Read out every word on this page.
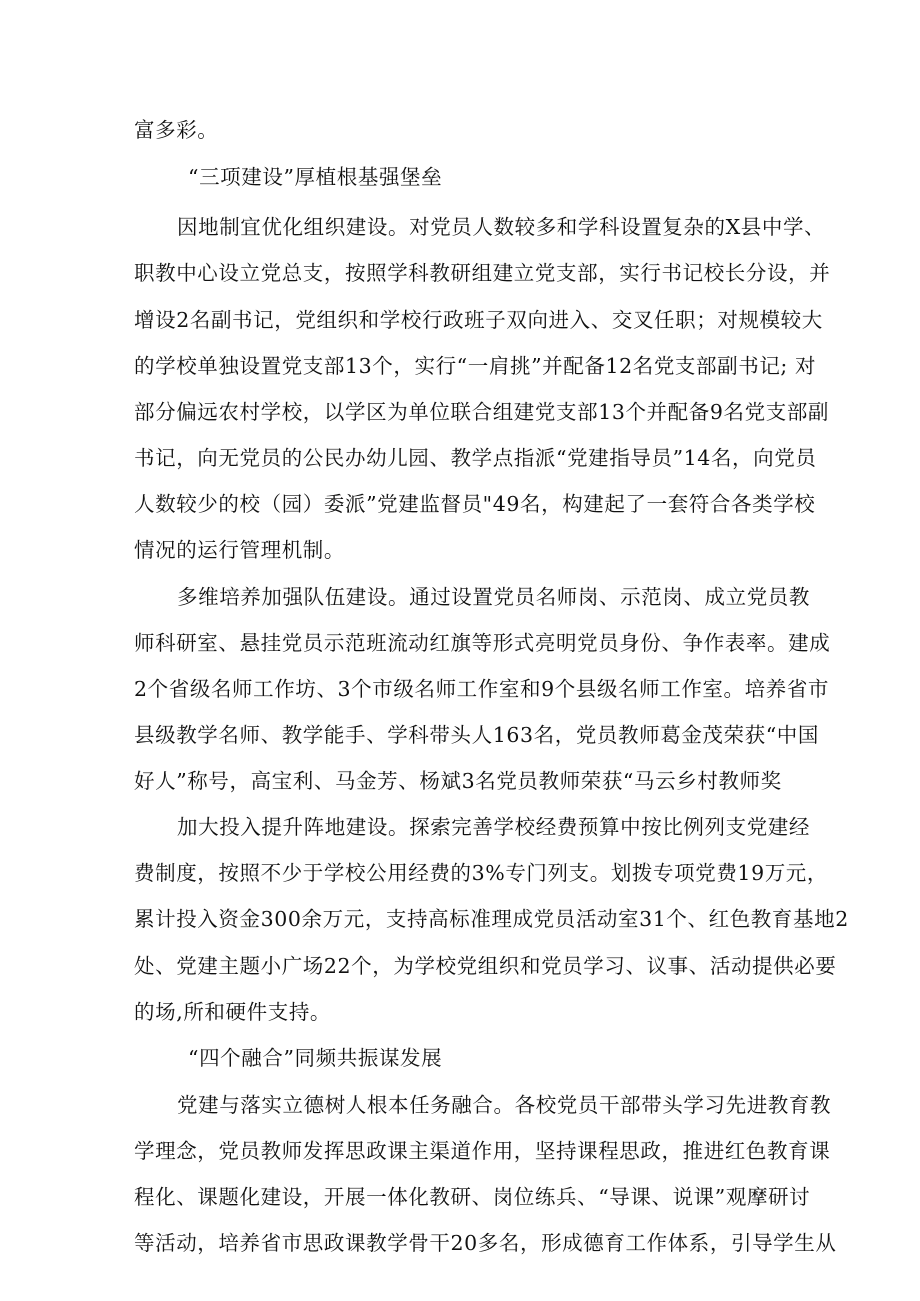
富多彩。
“三项建设”厚植根基强堡垒
因地制宜优化组织建设。对党员人数较多和学科设置复杂的X县中学、
职教中心设立党总支，按照学科教研组建立党支部，实行书记校长分设，并
增设2名副书记，党组织和学校行政班子双向进入、交叉任职；对规模较大
的学校单独设置党支部13个，实行“一肩挑”并配备12名党支部副书记; 对
部分偏远农村学校，以学区为单位联合组建党支部13个并配备9名党支部副
书记，向无党员的公民办幼儿园、教学点指派“党建指导员”14名，向党员
人数较少的校（园）委派”党建监督员"49名，构建起了一套符合各类学校
情况的运行管理机制。
多维培养加强队伍建设。通过设置党员名师岗、示范岗、成立党员教
师科研室、悬挂党员示范班流动红旗等形式亮明党员身份、争作表率。建成
2个省级名师工作坊、3个市级名师工作室和9个县级名师工作室。培养省市
县级教学名师、教学能手、学科带头人163名，党员教师葛金茂荣获“中国
好人”称号，高宝利、马金芳、杨斌3名党员教师荣获“马云乡村教师奖
加大投入提升阵地建设。探索完善学校经费预算中按比例列支党建经
费制度，按照不少于学校公用经费的3%专门列支。划拨专项党费19万元，
累计投入资金300余万元，支持高标准理成党员活动室31个、红色教育基地2
处、党建主题小广场22个，为学校党组织和党员学习、议事、活动提供必要
的场,所和硬件支持。
“四个融合”同频共振谋发展
党建与落实立德树人根本任务融合。各校党员干部带头学习先进教育教
学理念，党员教师发挥思政课主渠道作用，坚持课程思政，推进红色教育课
程化、课题化建设，开展一体化教研、岗位练兵、“导课、说课”观摩研讨
等活动，培养省市思政课教学骨干20多名，形成德育工作体系，引导学生从
